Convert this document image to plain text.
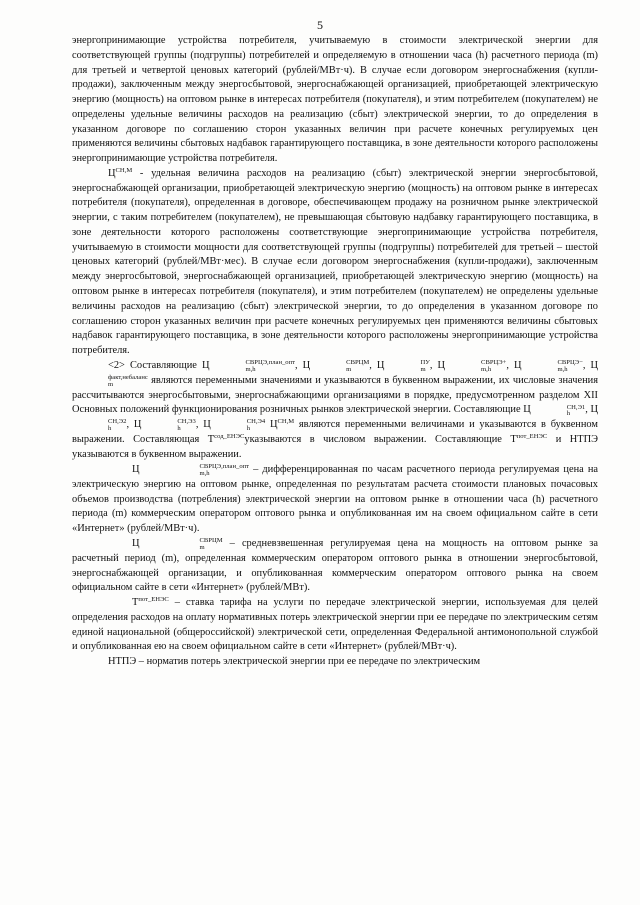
5

энергопринимающие устройства потребителя, учитываемую в стоимости электрической энергии для соответствующей группы (подгруппы) потребителей и определяемую в отношении часа (h) расчетного периода (m) для третьей и четвертой ценовых категорий (рублей/МВт·ч). В случае если договором энергоснабжения (купли-продажи), заключенным между энергосбытовой, энергоснабжающей организацией, приобретающей электрическую энергию (мощность) на оптовом рынке в интересах потребителя (покупателя), и этим потребителем (покупателем) не определены удельные величины расходов на реализацию (сбыт) электрической энергии, то до определения в указанном договоре по соглашению сторон указанных величин при расчете конечных регулируемых цен применяются величины сбытовых надбавок гарантирующего поставщика, в зоне деятельности которого расположены энергопринимающие устройства потребителя.

$Ц^{СН,М}$ - удельная величина расходов на реализацию (сбыт) электрической энергии энергосбытовой, энергоснабжающей организации, приобретающей электрическую энергию (мощность) на оптовом рынке в интересах потребителя (покупателя), определенная в договоре, обеспечивающем продажу на розничном рынке электрической энергии, с таким потребителем (покупателем), не превышающая сбытовую надбавку гарантирующего поставщика, в зоне деятельности которого расположены соответствующие энергопринимающие устройства потребителя, учитываемую в стоимости мощности для соответствующей группы (подгруппы) потребителей для третьей – шестой ценовых категорий (рублей/МВт·мес). В случае если договором энергоснабжения (купли-продажи), заключенным между энергосбытовой, энергоснабжающей организацией, приобретающей электрическую энергию (мощность) на оптовом рынке в интересах потребителя (покупателя), и этим потребителем (покупателем) не определены удельные величины расходов на реализацию (сбыт) электрической энергии, то до определения в указанном договоре по соглашению сторон указанных величин при расчете конечных регулируемых цен применяются величины сбытовых надбавок гарантирующего поставщика, в зоне деятельности которого расположены энергопринимающие устройства потребителя.

<2> Составляющие Ц	СВРЦЭ,план_опт
m,h	, Ц	СВРЦМ
m	, Ц	ПУ
m , Ц	СВРЦЭ+
m,h	, Ц	СВРЦЭ−
m,h	, Ц
факт,небаланс
m	являются переменными значениями и указываются в буквенном выражении, их числовые значения рассчитываются энергосбытовыми, энергоснабжающими организациями в порядке, предусмотренном разделом XII Основных положений функционирования розничных рынков электрической энергии. Составляющие Ц	СН,Э1
h	, Ц
СН,Э2
h	, Ц	СН,Э3
h	, Ц	СН,Э4
h	$Ц^{СН,М}$ являются переменными величинами и указываются в буквенном выражении. Составляющая $Т^{сод\_ЕНЭС}указываются$ в числовом выражении. Составляющие $Т^{пот\_ЕНЭС}$ и НТПЭ указываются в буквенном выражении.

Ц	СВРЦЭ,план_опт
m,h	– дифференцированная по часам расчетного периода регулируемая цена на электрическую энергию на оптовом рынке, определенная по результатам расчета стоимости плановых почасовых объемов производства (потребления) электрической энергии на оптовом рынке в отношении часа (h) расчетного периода (m) коммерческим оператором оптового рынка и опубликованная им на своем официальном сайте в сети «Интернет» (рублей/МВт·ч).

Ц	СВРЦМ
m	– средневзвешенная регулируемая цена на мощность на оптовом рынке за расчетный период (m), определенная коммерческим оператором оптового рынка в отношении энергосбытовой, энергоснабжающей организации, и опубликованная коммерческим оператором оптового рынка на своем официальном сайте в сети «Интернет» (рублей/МВт).

$Т^{пот\_ЕНЭС}$ – ставка тарифа на услуги по передаче электрической энергии, используемая для целей определения расходов на оплату нормативных потерь электрической энергии при ее передаче по электрическим сетям единой национальной (общероссийской) электрической сети, определенная Федеральной антимонопольной службой и опубликованная ею на своем официальном сайте в сети «Интернет» (рублей/МВт·ч).

НТПЭ – норматив потерь электрической энергии при ее передаче по электрическим
